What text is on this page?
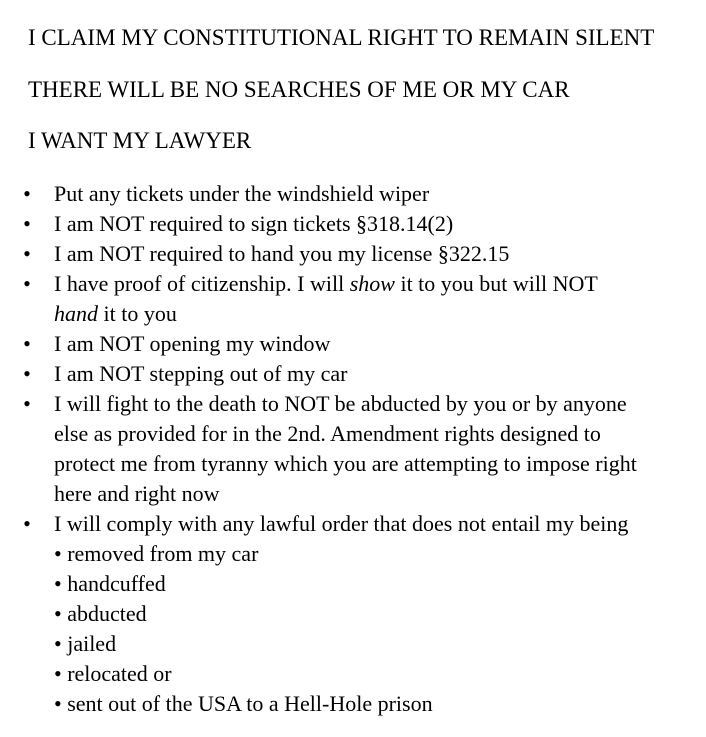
I CLAIM MY CONSTITUTIONAL RIGHT TO REMAIN SILENT
THERE WILL BE NO SEARCHES OF ME OR MY CAR
I WANT MY LAWYER
• Put any tickets under the windshield wiper
• I am NOT required to sign tickets §318.14(2)
• I am NOT required to hand you my license §322.15
• I have proof of citizenship. I will show it to you but will NOT
hand it to you
• I am NOT opening my window
• I am NOT stepping out of my car
• I will fight to the death to NOT be abducted by you or by anyone
else as provided for in the 2nd. Amendment rights designed to
protect me from tyranny which you are attempting to impose right
here and right now
• I will comply with any lawful order that does not entail my being
• removed from my car
• handcuffed
• abducted
• jailed
• relocated or
• sent out of the USA to a Hell-Hole prison
